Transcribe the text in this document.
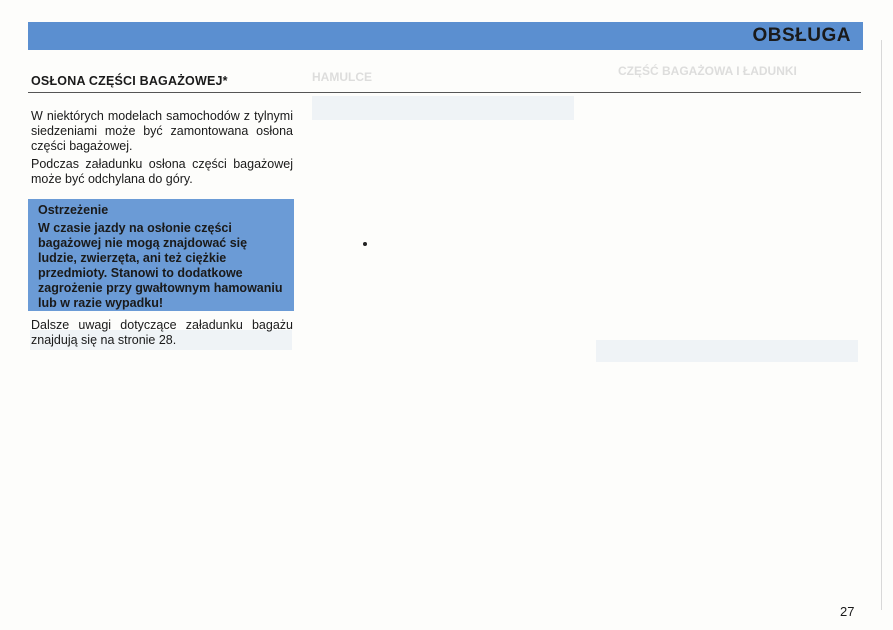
HAMULCE	CZĘŚĆ BAGAŻOWA I ŁADUNKI
OBSŁUGA
OSŁONA CZĘŚCI BAGAŻOWEJ*
W niektórych modelach samochodów z tylnymi siedzeniami może być zamontowana osłona części bagażowej.
Podczas załadunku osłona części bagażowej może być odchylana do góry.
Ostrzeżenie
W czasie jazdy na osłonie części bagażowej nie mogą znajdować się ludzie, zwierzęta, ani też ciężkie przedmioty. Stanowi to dodatkowe zagrożenie przy gwałtownym hamowaniu lub w razie wypadku!
Dalsze uwagi dotyczące załadunku bagażu znajdują się na stronie 28.
27
